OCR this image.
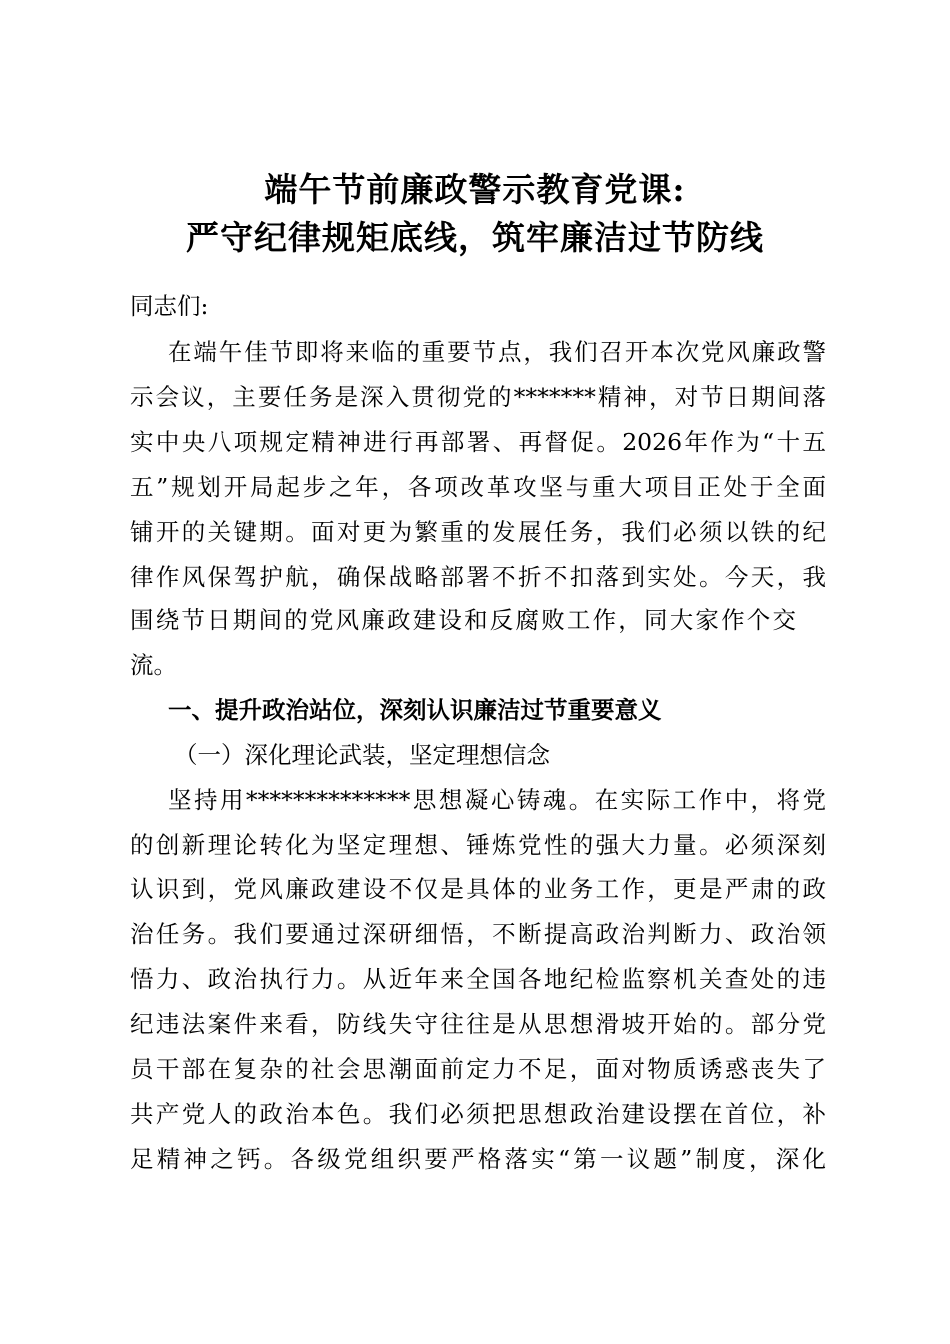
端午节前廉政警示教育党课:
严守纪律规矩底线，筑牢廉洁过节防线
同志们:
在端午佳节即将来临的重要节点，我们召开本次党风廉政警
示会议，主要任务是深入贯彻党的*******精神，对节日期间落
实中央八项规定精神进行再部署、再督促。2026年作为“十五
五”规划开局起步之年，各项改革攻坚与重大项目正处于全面
铺开的关键期。面对更为繁重的发展任务，我们必须以铁的纪
律作风保驾护航，确保战略部署不折不扣落到实处。今天，我
围绕节日期间的党风廉政建设和反腐败工作，同大家作个交
流。
一、提升政治站位，深刻认识廉洁过节重要意义
（一）深化理论武装，坚定理想信念
坚持用**************思想凝心铸魂。在实际工作中，将党
的创新理论转化为坚定理想、锤炼党性的强大力量。必须深刻
认识到，党风廉政建设不仅是具体的业务工作，更是严肃的政
治任务。我们要通过深研细悟，不断提高政治判断力、政治领
悟力、政治执行力。从近年来全国各地纪检监察机关查处的违
纪违法案件来看，防线失守往往是从思想滑坡开始的。部分党
员干部在复杂的社会思潮面前定力不足，面对物质诱惑丧失了
共产党人的政治本色。我们必须把思想政治建设摆在首位，补
足精神之钙。各级党组织要严格落实“第一议题”制度，深化
